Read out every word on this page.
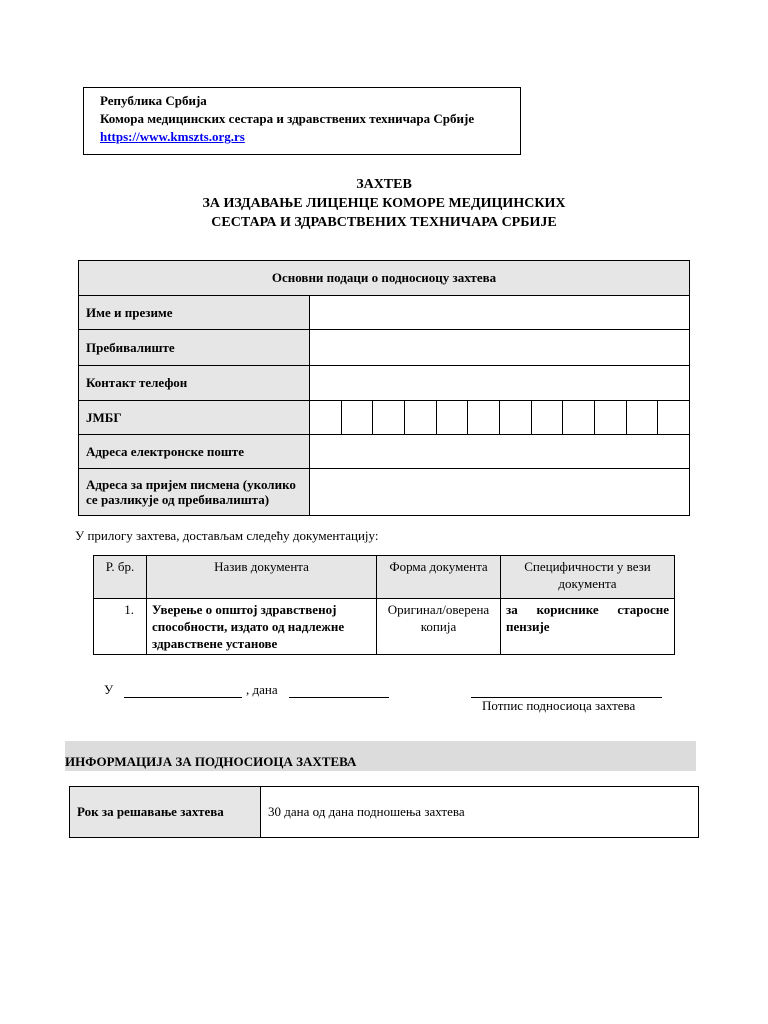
Република Србија
Комора медицинских сестара и здравствених техничара Србије
https://www.kmszts.org.rs
ЗАХТЕВ
ЗА ИЗДАВАЊЕ ЛИЦЕНЦЕ КОМОРЕ МЕДИЦИНСКИХ
СЕСТАРА И ЗДРАВСТВЕНИХ ТЕХНИЧАРА СРБИЈЕ
Основни подаци о подносиоцу захтева												
Име и презиме												
Пребивалиште												
Контакт телефон												
ЈМБГ												
Адреса електронске поште												
Адреса за пријем писмена (уколико се разликује од пребивалишта)												
У прилогу захтева, достављам следећу документацију:
Р. бр.	Назив документа	Форма документа	Специфичности у вези документа
1.	Уверење о општој здравственој способности, издато од надлежне здравствене установе	Оригинал/оверена копија	за кориснике старосне пензије
У	, дана
Потпис подносиоца захтева
ИНФОРМАЦИЈА ЗА ПОДНОСИОЦА ЗАХТЕВА
Рок за решавање захтева	30 дана од дана подношења захтева
